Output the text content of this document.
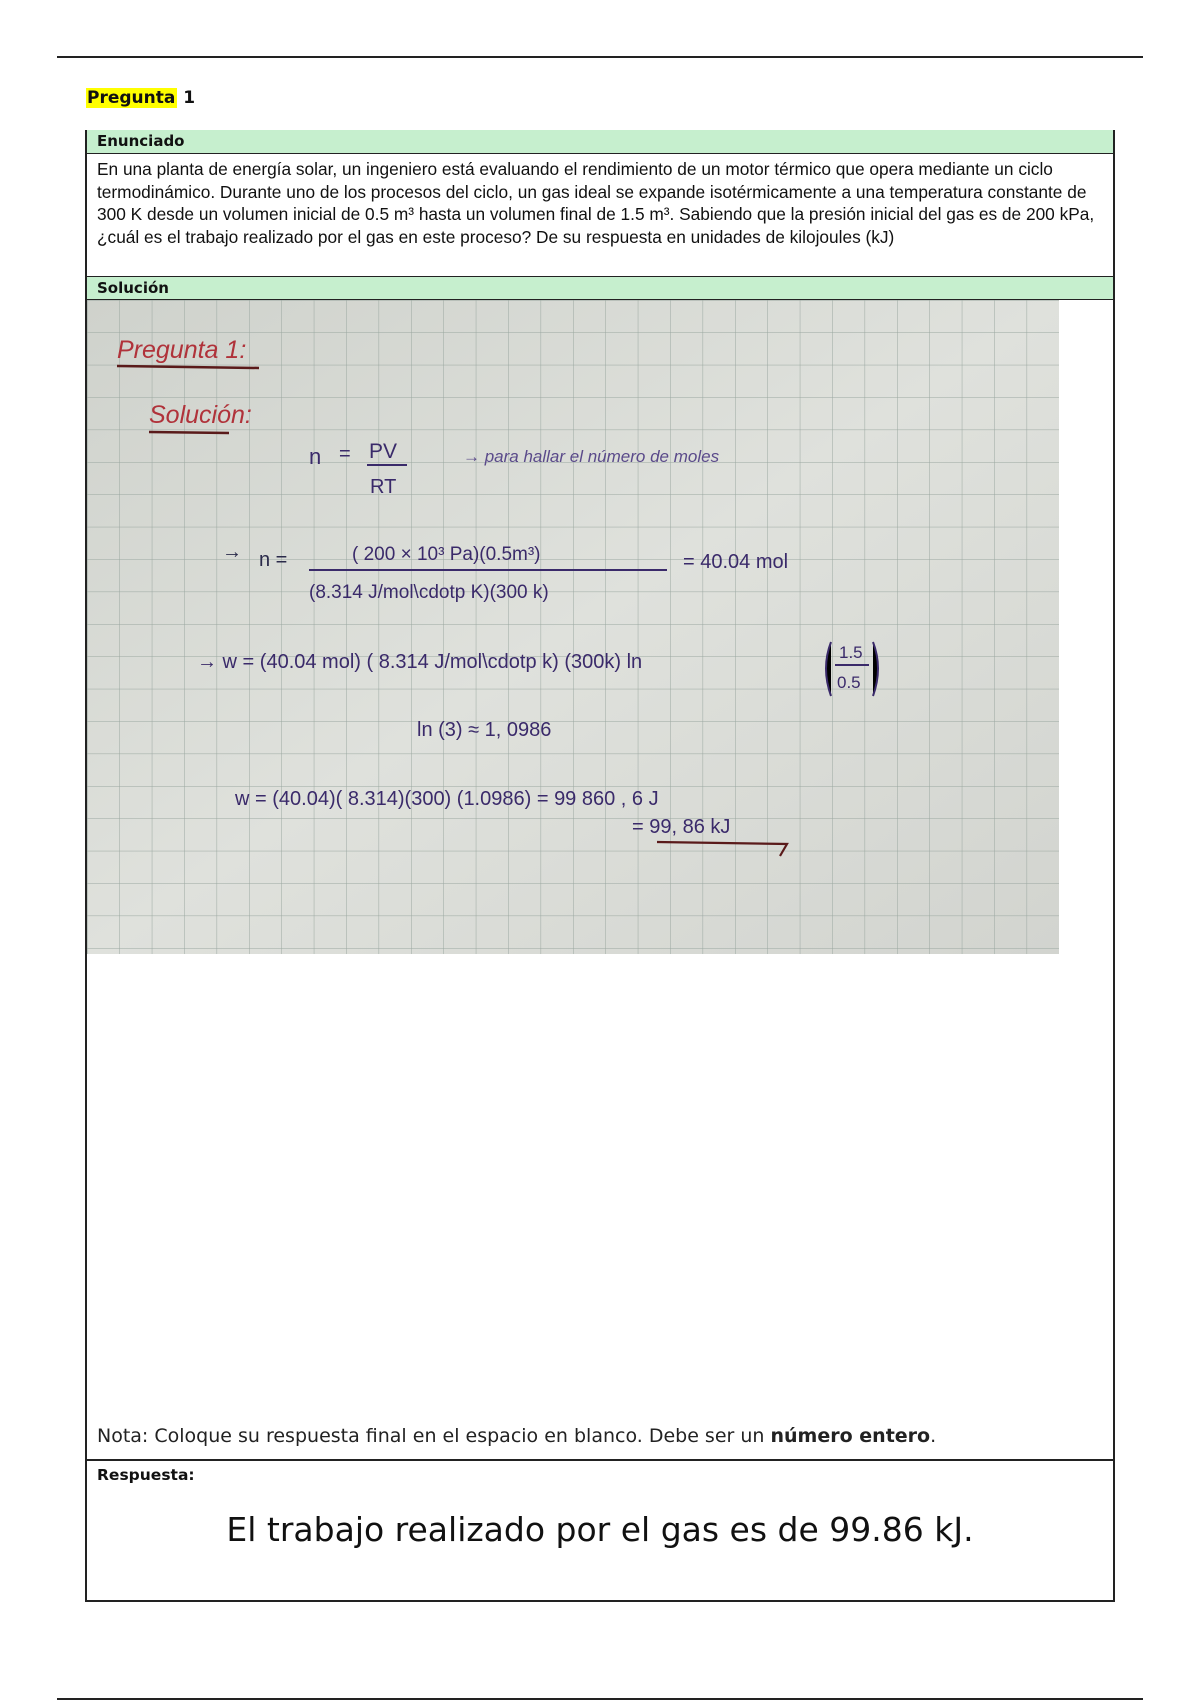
Pregunta 1
Enunciado
En una planta de energía solar, un ingeniero está evaluando el rendimiento de un motor térmico que opera mediante un ciclo termodinámico. Durante uno de los procesos del ciclo, un gas ideal se expande isotérmicamente a una temperatura constante de 300 K desde un volumen inicial de 0.5 m³ hasta un volumen final de 1.5 m³. Sabiendo que la presión inicial del gas es de 200 kPa, ¿cuál es el trabajo realizado por el gas en este proceso? De su respuesta en unidades de kilojoules (kJ)
Solución
Pregunta 1:
Solución:
n = PV
RT
→ para hallar el número de moles
→ n =	( 200 × 10³ Pa)(0.5m³)
(8.314 J/mol\cdotp K)(300 k)
= 40.04 mol
→ w = (40.04 mol) ( 8.314 J/mol\cdotp k) (300k) ln	1.5
0.5
ln (3) ≈ 1, 0986
w = (40.04)( 8.314)(300) (1.0986) = 99 860 , 6 J
= 99, 86 kJ
Nota: Coloque su respuesta final en el espacio en blanco. Debe ser un número entero.
Respuesta:
El trabajo realizado por el gas es de 99.86 kJ.
